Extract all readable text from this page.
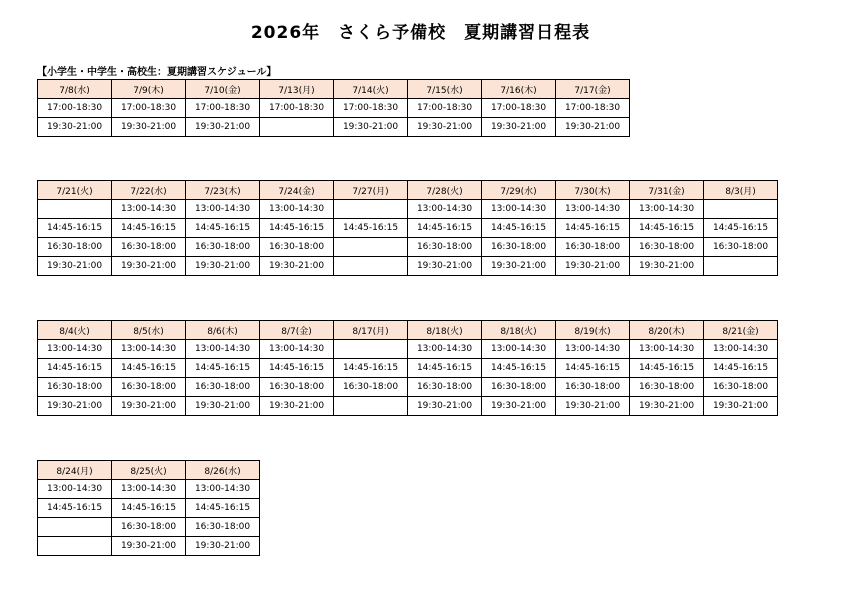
2026年　さくら予備校　夏期講習日程表
【小学生・中学生・高校生：夏期講習スケジュール】
7/8(水)	7/9(木)	7/10(金)	7/13(月)	7/14(火)	7/15(水)	7/16(木)	7/17(金)
17:00-18:30	17:00-18:30	17:00-18:30	17:00-18:30	17:00-18:30	17:00-18:30	17:00-18:30	17:00-18:30
19:30-21:00	19:30-21:00	19:30-21:00		19:30-21:00	19:30-21:00	19:30-21:00	19:30-21:00
7/21(火)	7/22(水)	7/23(木)	7/24(金)	7/27(月)	7/28(火)	7/29(水)	7/30(木)	7/31(金)	8/3(月)
	13:00-14:30	13:00-14:30	13:00-14:30		13:00-14:30	13:00-14:30	13:00-14:30	13:00-14:30	
14:45-16:15	14:45-16:15	14:45-16:15	14:45-16:15	14:45-16:15	14:45-16:15	14:45-16:15	14:45-16:15	14:45-16:15	14:45-16:15
16:30-18:00	16:30-18:00	16:30-18:00	16:30-18:00		16:30-18:00	16:30-18:00	16:30-18:00	16:30-18:00	16:30-18:00
19:30-21:00	19:30-21:00	19:30-21:00	19:30-21:00		19:30-21:00	19:30-21:00	19:30-21:00	19:30-21:00	
8/4(火)	8/5(水)	8/6(木)	8/7(金)	8/17(月)	8/18(火)	8/18(火)	8/19(水)	8/20(木)	8/21(金)
13:00-14:30	13:00-14:30	13:00-14:30	13:00-14:30		13:00-14:30	13:00-14:30	13:00-14:30	13:00-14:30	13:00-14:30
14:45-16:15	14:45-16:15	14:45-16:15	14:45-16:15	14:45-16:15	14:45-16:15	14:45-16:15	14:45-16:15	14:45-16:15	14:45-16:15
16:30-18:00	16:30-18:00	16:30-18:00	16:30-18:00	16:30-18:00	16:30-18:00	16:30-18:00	16:30-18:00	16:30-18:00	16:30-18:00
19:30-21:00	19:30-21:00	19:30-21:00	19:30-21:00		19:30-21:00	19:30-21:00	19:30-21:00	19:30-21:00	19:30-21:00
8/24(月)	8/25(火)	8/26(水)
13:00-14:30	13:00-14:30	13:00-14:30
14:45-16:15	14:45-16:15	14:45-16:15
	16:30-18:00	16:30-18:00
	19:30-21:00	19:30-21:00
